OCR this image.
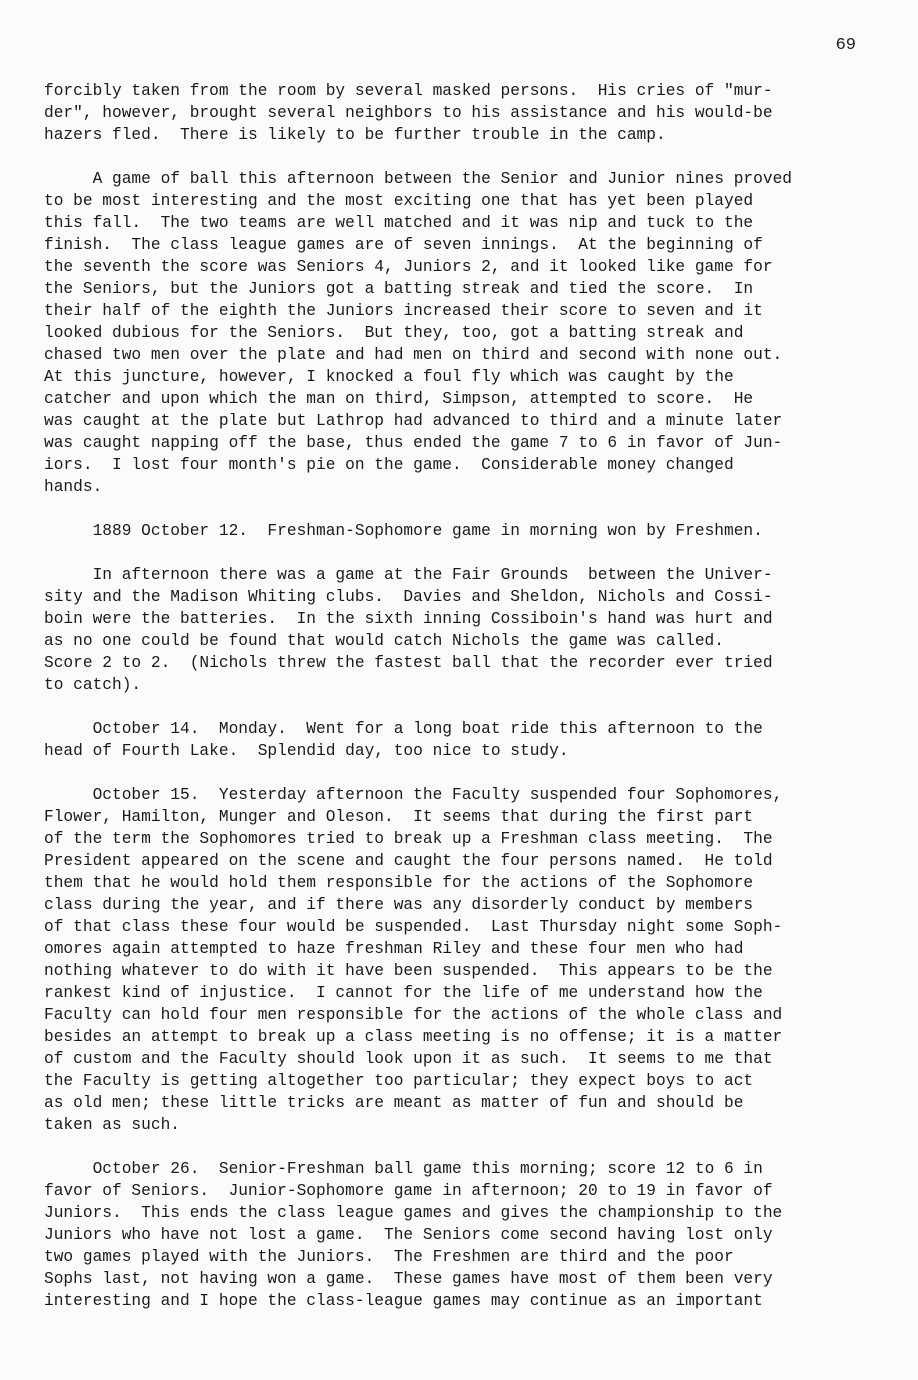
69

forcibly taken from the room by several masked persons.  His cries of "mur-
der", however, brought several neighbors to his assistance and his would-be
hazers fled.  There is likely to be further trouble in the camp.

A game of ball this afternoon between the Senior and Junior nines proved
to be most interesting and the most exciting one that has yet been played
this fall.  The two teams are well matched and it was nip and tuck to the
finish.  The class league games are of seven innings.  At the beginning of
the seventh the score was Seniors 4, Juniors 2, and it looked like game for
the Seniors, but the Juniors got a batting streak and tied the score.  In
their half of the eighth the Juniors increased their score to seven and it
looked dubious for the Seniors.  But they, too, got a batting streak and
chased two men over the plate and had men on third and second with none out.
At this juncture, however, I knocked a foul fly which was caught by the
catcher and upon which the man on third, Simpson, attempted to score.  He
was caught at the plate but Lathrop had advanced to third and a minute later
was caught napping off the base, thus ended the game 7 to 6 in favor of Jun-
iors.  I lost four month's pie on the game.  Considerable money changed
hands.

1889 October 12.  Freshman-Sophomore game in morning won by Freshmen.

In afternoon there was a game at the Fair Grounds  between the Univer-
sity and the Madison Whiting clubs.  Davies and Sheldon, Nichols and Cossi-
boin were the batteries.  In the sixth inning Cossiboin's hand was hurt and
as no one could be found that would catch Nichols the game was called.
Score 2 to 2.  (Nichols threw the fastest ball that the recorder ever tried
to catch).

October 14.  Monday.  Went for a long boat ride this afternoon to the
head of Fourth Lake.  Splendid day, too nice to study.

October 15.  Yesterday afternoon the Faculty suspended four Sophomores,
Flower, Hamilton, Munger and Oleson.  It seems that during the first part
of the term the Sophomores tried to break up a Freshman class meeting.  The
President appeared on the scene and caught the four persons named.  He told
them that he would hold them responsible for the actions of the Sophomore
class during the year, and if there was any disorderly conduct by members
of that class these four would be suspended.  Last Thursday night some Soph-
omores again attempted to haze freshman Riley and these four men who had
nothing whatever to do with it have been suspended.  This appears to be the
rankest kind of injustice.  I cannot for the life of me understand how the
Faculty can hold four men responsible for the actions of the whole class and
besides an attempt to break up a class meeting is no offense; it is a matter
of custom and the Faculty should look upon it as such.  It seems to me that
the Faculty is getting altogether too particular; they expect boys to act
as old men; these little tricks are meant as matter of fun and should be
taken as such.

October 26.  Senior-Freshman ball game this morning; score 12 to 6 in
favor of Seniors.  Junior-Sophomore game in afternoon; 20 to 19 in favor of
Juniors.  This ends the class league games and gives the championship to the
Juniors who have not lost a game.  The Seniors come second having lost only
two games played with the Juniors.  The Freshmen are third and the poor
Sophs last, not having won a game.  These games have most of them been very
interesting and I hope the class-league games may continue as an important
